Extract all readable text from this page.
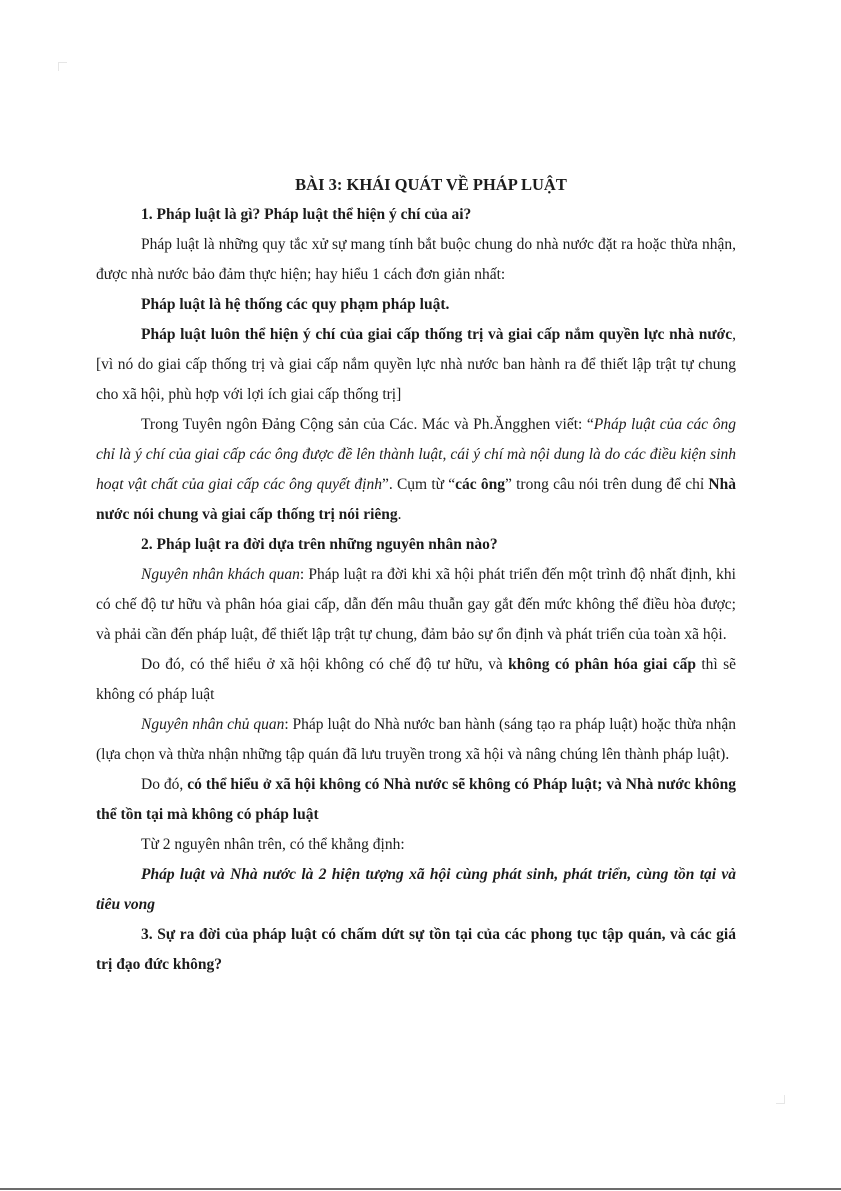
BÀI 3: KHÁI QUÁT VỀ PHÁP LUẬT

1. Pháp luật là gì? Pháp luật thể hiện ý chí của ai?

Pháp luật là những quy tắc xử sự mang tính bắt buộc chung do nhà nước đặt ra hoặc thừa nhận, được nhà nước bảo đảm thực hiện; hay hiểu 1 cách đơn giản nhất:

Pháp luật là hệ thống các quy phạm pháp luật.

Pháp luật luôn thể hiện ý chí của giai cấp thống trị và giai cấp nắm quyền lực nhà nước, [vì nó do giai cấp thống trị và giai cấp nắm quyền lực nhà nước ban hành ra để thiết lập trật tự chung cho xã hội, phù hợp với lợi ích giai cấp thống trị]

Trong Tuyên ngôn Đảng Cộng sản của Các. Mác và Ph.Ăngghen viết: “Pháp luật của các ông chỉ là ý chí của giai cấp các ông được đề lên thành luật, cái ý chí mà nội dung là do các điều kiện sinh hoạt vật chất của giai cấp các ông quyết định”. Cụm từ “các ông” trong câu nói trên dung để chỉ Nhà nước nói chung và giai cấp thống trị nói riêng.

2. Pháp luật ra đời dựa trên những nguyên nhân nào?

Nguyên nhân khách quan: Pháp luật ra đời khi xã hội phát triển đến một trình độ nhất định, khi có chế độ tư hữu và phân hóa giai cấp, dẫn đến mâu thuẫn gay gắt đến mức không thể điều hòa được; và phải cần đến pháp luật, để thiết lập trật tự chung, đảm bảo sự ổn định và phát triển của toàn xã hội.

Do đó, có thể hiểu ở xã hội không có chế độ tư hữu, và không có phân hóa giai cấp thì sẽ không có pháp luật

Nguyên nhân chủ quan: Pháp luật do Nhà nước ban hành (sáng tạo ra pháp luật) hoặc thừa nhận (lựa chọn và thừa nhận những tập quán đã lưu truyền trong xã hội và nâng chúng lên thành pháp luật).

Do đó, có thể hiểu ở xã hội không có Nhà nước sẽ không có Pháp luật; và Nhà nước không thể tồn tại mà không có pháp luật

Từ 2 nguyên nhân trên, có thể khẳng định:

Pháp luật và Nhà nước là 2 hiện tượng xã hội cùng phát sinh, phát triển, cùng tồn tại và tiêu vong

3. Sự ra đời của pháp luật có chấm dứt sự tồn tại của các phong tục tập quán, và các giá trị đạo đức không?
